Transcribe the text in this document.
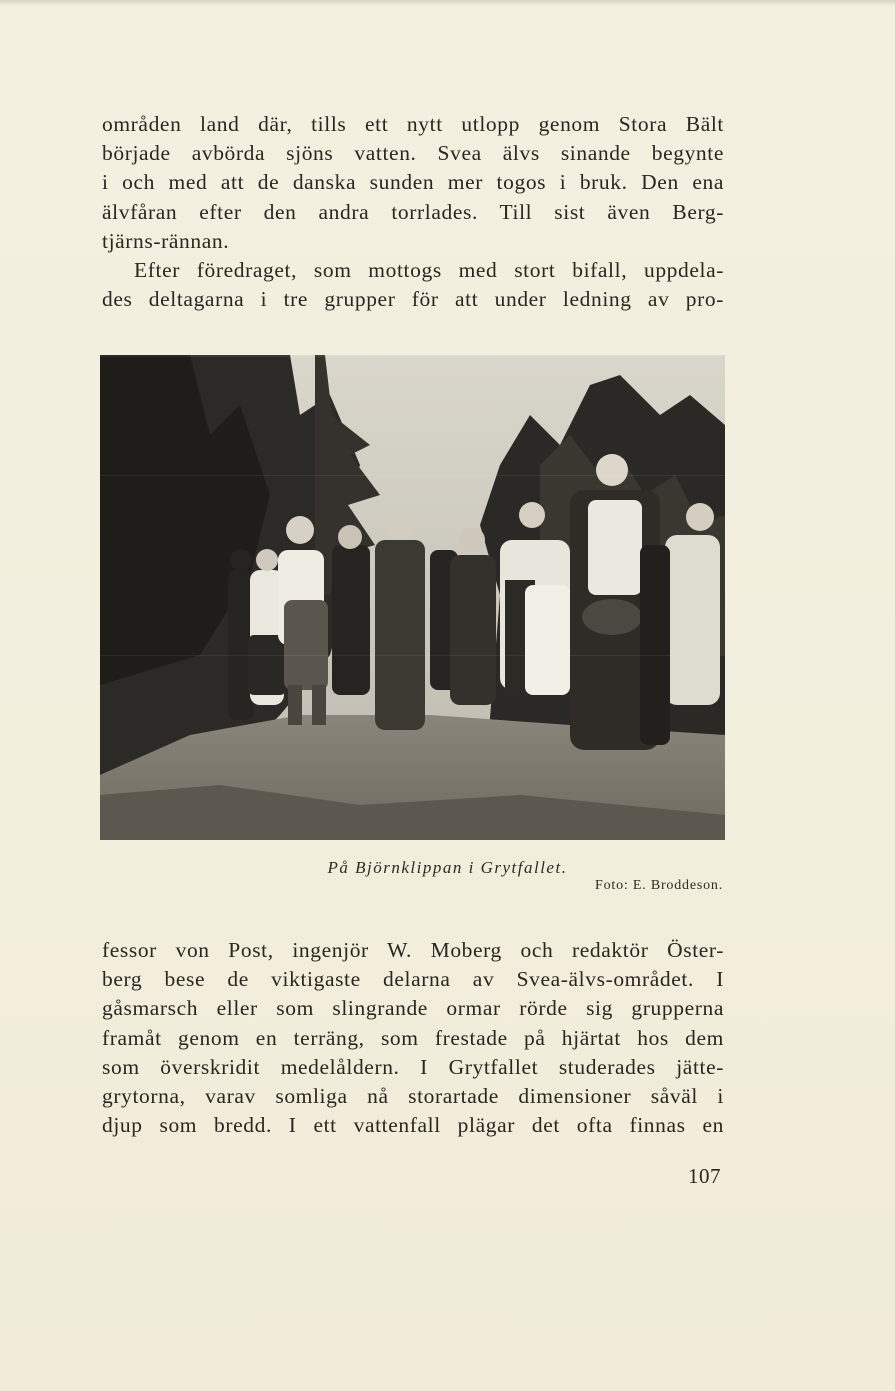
områden land där, tills ett nytt utlopp genom Stora Bält
började avbörda sjöns vatten. Svea älvs sinande begynte
i och med att de danska sunden mer togos i bruk. Den ena
älvfåran efter den andra torrlades. Till sist även Berg-
tjärns-rännan.
Efter föredraget, som mottogs med stort bifall, uppdela-
des deltagarna i tre grupper för att under ledning av pro-
På Björnklippan i Grytfallet.
Foto: E. Broddeson.
fessor von Post, ingenjör W. Moberg och redaktör Öster-
berg bese de viktigaste delarna av Svea-älvs-området. I
gåsmarsch eller som slingrande ormar rörde sig grupperna
framåt genom en terräng, som frestade på hjärtat hos dem
som överskridit medelåldern. I Grytfallet studerades jätte-
grytorna, varav somliga nå storartade dimensioner såväl i
djup som bredd. I ett vattenfall plägar det ofta finnas en
107
